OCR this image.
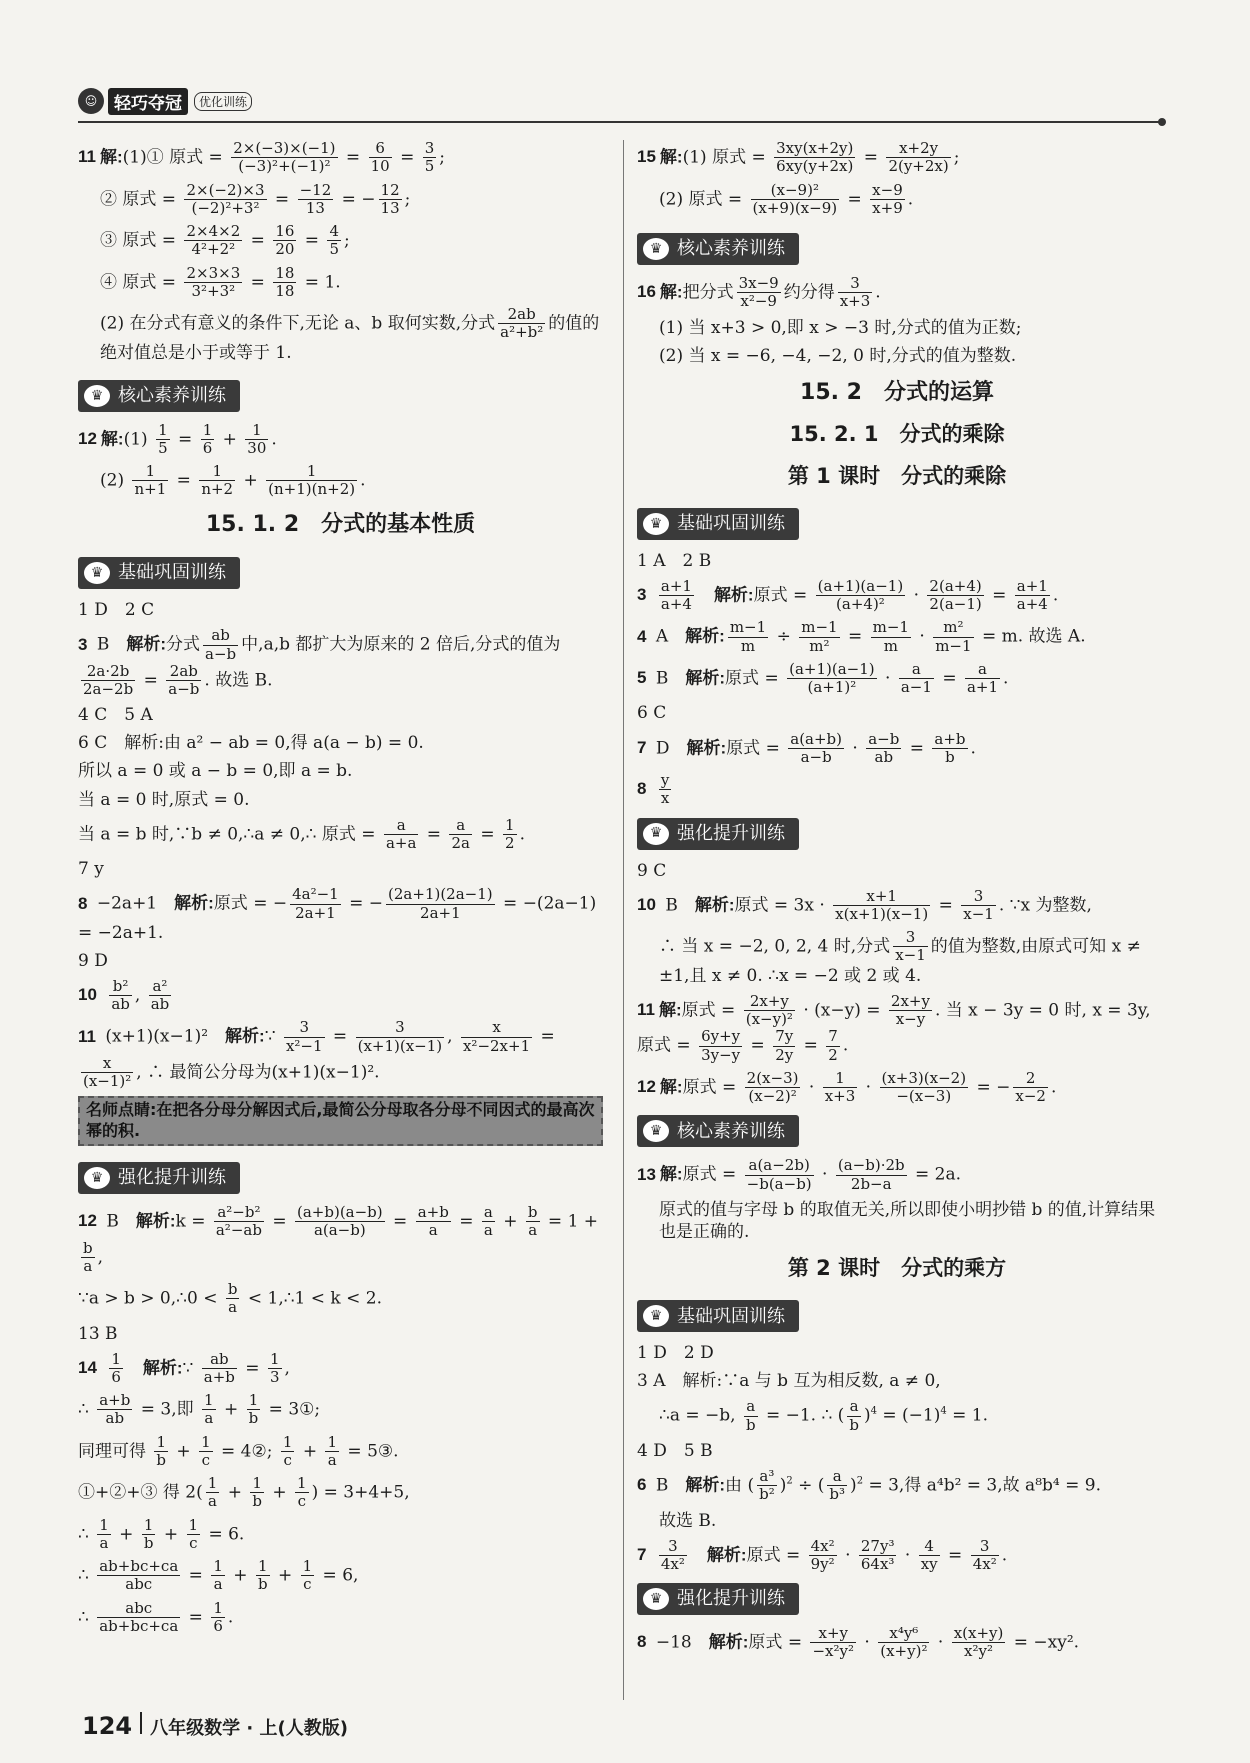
☺ 轻巧夺冠	优化训练
11 解:(1)① 原式 = $\frac{2\times(-3)\times(-1)}{\text{(−3)²+(−1)²}} = \frac{6}{10} = \frac{3}{5}$ ;
② 原式 = $\frac{2\times(-2)\times 3}{\text{(−2)²+3²}} = \frac{-12}{13}$ = − $\frac{12}{13}$ ;
③ 原式 = $\frac{2\times 4\times 2}{\text{4²+2²}} = \frac{16}{20} = \frac{4}{5}$ ;
④ 原式 = $\frac{2\times 3\times 3}{\text{3²+3²}} = \frac{18}{18} = 1$.
(2) 在分式有意义的条件下,无论 a、b 取何实数,分式 $\frac{2ab}{\text{a²+b²}}$ 的值的绝对值总是小于或等于 1.
♛ 核心素养训练
12 解:(1) $\frac{1}{5} = \frac{1}{6} + \frac{1}{30}$ .
$(2) \frac{1}{n+1} = \frac{1}{n+2} + \frac{1}{(n+1)(n+2)}$ .
15. 1. 2　分式的基本性质
♛ 基础巩固训练
1 D　2 C
3 B　解析:分式 $\frac{ab}{a-b}$ 中,a,b 都扩大为原来的 2 倍后,分式的值为
$\frac{2a\cdot 2b}{2a-2b} = \frac{2ab}{a-b}$ . 故选 B.
4 C　5 A
6 C　解析:由 a² − ab = 0,得 a(a − b) = 0.
所以 a = 0 或 a − b = 0,即 a = b.
当 a = 0 时,原式 = 0.
当 a = b 时,∵b ≠ 0,∴a ≠ 0,∴ 原式 = $\frac{a}{a+a} = \frac{a}{2a} = \frac{1}{2}$ .
7 y
8 −2a+1　解析:原式 = − $\frac{\text{4a²−1}}{2a+1}$ = − $\frac{(2a+1)(2a-1)}{2a+1} = -(2a-1) = -2a+1$.
9 D
$10 \frac{\text{b²}}{ab}$ , $\frac{\text{a²}}{ab}$
11 (x+1)(x−1)²　解析:∵ $\frac{3}{\text{x²−1}} = \frac{3}{(x+1)(x-1)}$ , $\frac{x}{\text{x²−2x+1}}$ =
$\frac{x}{\text{(x−1)²}}$ , ∴ 最简公分母为(x+1)(x−1)².
名师点睛:在把各分母分解因式后,最简公分母取各分母不同因式的最高次幂的积.
♛ 强化提升训练
12 B　解析:k = $\frac{\text{a²−b²}}{\text{a²−ab}} = \frac{(a+b)(a-b)}{a(a-b)} = \frac{a+b}{a} = \frac{a}{a} + \frac{b}{a} = 1$ +
$\frac{b}{a}$ ,
∵a > b > 0,∴0 < $\frac{b}{a}$ < 1,∴1 < k < 2.
13 B
$14 \frac{1}{6}$
　 解析:∵ $\frac{ab}{a+b} = \frac{1}{3}$ ,
∴ $\frac{a+b}{ab} = 3$,即 $\frac{1}{a} + \frac{1}{b}$ = 3①;
同理可得 $\frac{1}{b} + \frac{1}{c}$ = 4②; $\frac{1}{c} + \frac{1}{a}$ = 5③.
①+②+③ 得 $2( \frac{1}{a} + \frac{1}{b} + \frac{1}{c}$ ) = 3+4+5,
∴ $\frac{1}{a} + \frac{1}{b} + \frac{1}{c} = 6$.
∴ $\frac{ab+bc+ca}{\text{abc}} = \frac{1}{a} + \frac{1}{b} + \frac{1}{c} = 6$,
∴ $\frac{\text{abc}}{ab+bc+ca} = \frac{1}{6}$ .
15 解:(1) 原式 = $\frac{3xy(x+2y)}{6xy(y+2x)} = \frac{x+2y}{2(y+2x)}$ ;
(2) 原式 = $\frac{\text{(x−9)²}}{(x+9)(x-9)} = \frac{x-9}{x+9}$ .
♛ 核心素养训练
16 解:把分式 $\frac{3x-9}{\text{x²−9}}$ 约分得 $\frac{3}{x+3}$ .
(1) 当 x+3 > 0,即 x > −3 时,分式的值为正数;
(2) 当 x = −6, −4, −2, 0 时,分式的值为整数.
15. 2　分式的运算
15. 2. 1　分式的乘除
第 1 课时　分式的乘除
♛ 基础巩固训练
1 A　2 B
$3 \frac{a+1}{a+4}$
　 解析:原式 = $\frac{(a+1)(a-1)}{\text{(a+4)²}} \cdot \frac{2(a+4)}{2(a-1)} = \frac{a+1}{a+4}$ .
4 A　解析: $\frac{m-1}{m} \div \frac{m-1}{\text{m²}} = \frac{m-1}{m} \cdot \frac{\text{m²}}{m-1} = m$. 故选 A.
5 B　解析:原式 = $\frac{(a+1)(a-1)}{\text{(a+1)²}} \cdot \frac{a}{a-1} = \frac{a}{a+1}$ .
6 C
7 D　解析:原式 = $\frac{a(a+b)}{a-b} \cdot \frac{a-b}{ab} = \frac{a+b}{b}$ .
$8 \frac{y}{x}$
♛ 强化提升训练
9 C
10 B　解析:原式 = $3x \cdot \frac{x+1}{x(x+1)(x-1)} = \frac{3}{x-1}$ . ∵x 为整数,
∴ 当 x = −2, 0, 2, 4 时,分式 $\frac{3}{x-1}$ 的值为整数,由原式可知 x ≠ ±1,且 x ≠ 0. ∴x = −2 或 2 或 4.
11 解:原式 = $\frac{2x+y}{\text{(x−y)²}} \cdot (x-y) = \frac{2x+y}{x-y}$ . 当 x − 3y = 0 时, x = 3y, 原式 = $\frac{6y+y}{3y-y} = \frac{7y}{2y} = \frac{7}{2}$ .
12 解:原式 = $\frac{2(x-3)}{\text{(x−2)²}} \cdot \frac{1}{x+3} \cdot \frac{(x+3)(x-2)}{-(x-3)}$ = − $\frac{2}{x-2}$ .
♛ 核心素养训练
13 解:原式 = $\frac{a(a-2b)}{-b(a-b)} \cdot \frac{(a-b)\cdot 2b}{2b-a} = 2a$.
原式的值与字母 b 的取值无关,所以即使小明抄错 b 的值,计算结果也是正确的.
第 2 课时　分式的乘方
♛ 基础巩固训练
1 D　2 D
3 A　解析:∵a 与 b 互为相反数, a ≠ 0,
∴a = −b, $\frac{a}{b} = -1$. ∴ ( $\frac{a}{b} )^4 = (-1)^4 = 1$.
4 D　5 B
6 B　解析:由 ( $\frac{\text{a³}}{\text{b²}} )^2$ ÷ ( $\frac{a}{\text{b³}} )^2 = 3$,得 a⁴b² = 3,故 a⁸b⁴ = 9.
故选 B.
$7 \frac{3}{\text{4x²}}$
　 解析:原式 = $\frac{\text{4x²}}{\text{9y²}} \cdot \frac{\text{27y³}}{\text{64x³}} \cdot \frac{4}{xy} = \frac{3}{\text{4x²}}$ .
♛ 强化提升训练
8 −18　解析:原式 = $\frac{x+y}{\text{−x²y²}} \cdot \frac{\text{x⁴y⁶}}{\text{(x+y)²}} \cdot \frac{x(x+y)}{\text{x²y²}} = -xy^2$.
124 八年级数学 · 上(人教版)
